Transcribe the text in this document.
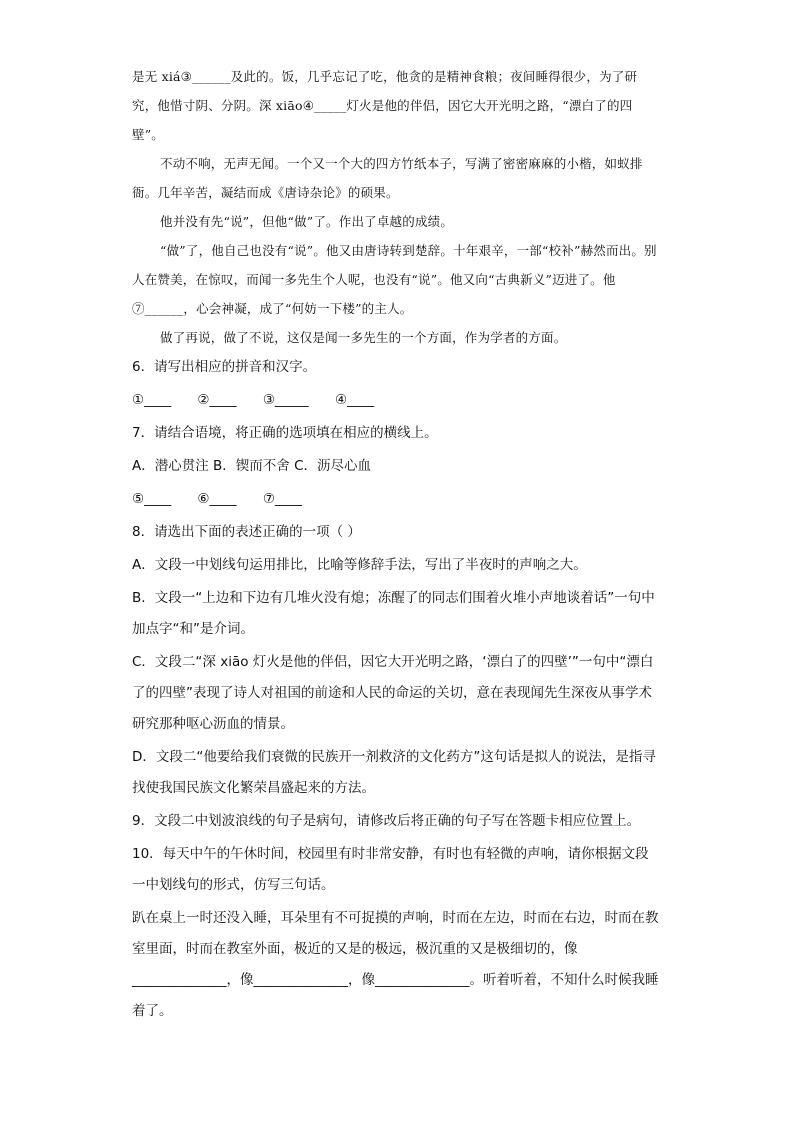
是无 xiá③______及此的。饭，几乎忘记了吃，他贪的是精神食粮；夜间睡得很少，为了研究，他惜寸阴、分阴。深 xiāo④_____灯火是他的伴侣，因它大开光明之路，“漂白了的四壁”。

不动不响，无声无闻。一个又一个大的四方竹纸本子，写满了密密麻麻的小楷，如蚁排衙。几年辛苦，凝结而成《唐诗杂论》的硕果。

他并没有先“说”，但他“做”了。作出了卓越的成绩。

“做”了，他自己也没有“说”。他又由唐诗转到楚辞。十年艰辛，一部“校补”赫然而出。别人在赞美，在惊叹，而闻一多先生个人呢，也没有“说”。他又向“古典新义”迈进了。他⑦______，心会神凝，成了“何妨一下楼”的主人。

做了再说，做了不说，这仅是闻一多先生的一个方面，作为学者的方面。

6．请写出相应的拼音和汉字。

①____ ②____ ③_____ ④____

7．请结合语境，将正确的选项填在相应的横线上。

A．潜心贯注 B．锲而不舍 C．沥尽心血

⑤____ ⑥____ ⑦____

8．请选出下面的表述正确的一项（ ）

A．文段一中划线句运用排比，比喻等修辞手法，写出了半夜时的声响之大。

B．文段一“上边和下边有几堆火没有熄；冻醒了的同志们围着火堆小声地谈着话”一句中加点字“和”是介词。

C．文段二“深 xiāo 灯火是他的伴侣，因它大开光明之路，‘漂白了的四壁’”一句中“漂白了的四壁”表现了诗人对祖国的前途和人民的命运的关切，意在表现闻先生深夜从事学术研究那种呕心沥血的情景。

D．文段二“他要给我们衰微的民族开一剂救济的文化药方”这句话是拟人的说法，是指寻找使我国民族文化繁荣昌盛起来的方法。

9．文段二中划波浪线的句子是病句，请修改后将正确的句子写在答题卡相应位置上。

10．每天中午的午休时间，校园里有时非常安静，有时也有轻微的声响，请你根据文段一中划线句的形式，仿写三句话。

趴在桌上一时还没入睡，耳朵里有不可捉摸的声响，时而在左边，时而在右边，时而在教室里面，时而在教室外面，极近的又是的极远，极沉重的又是极细切的，像______________，像______________，像______________。听着听着，不知什么时候我睡着了。
